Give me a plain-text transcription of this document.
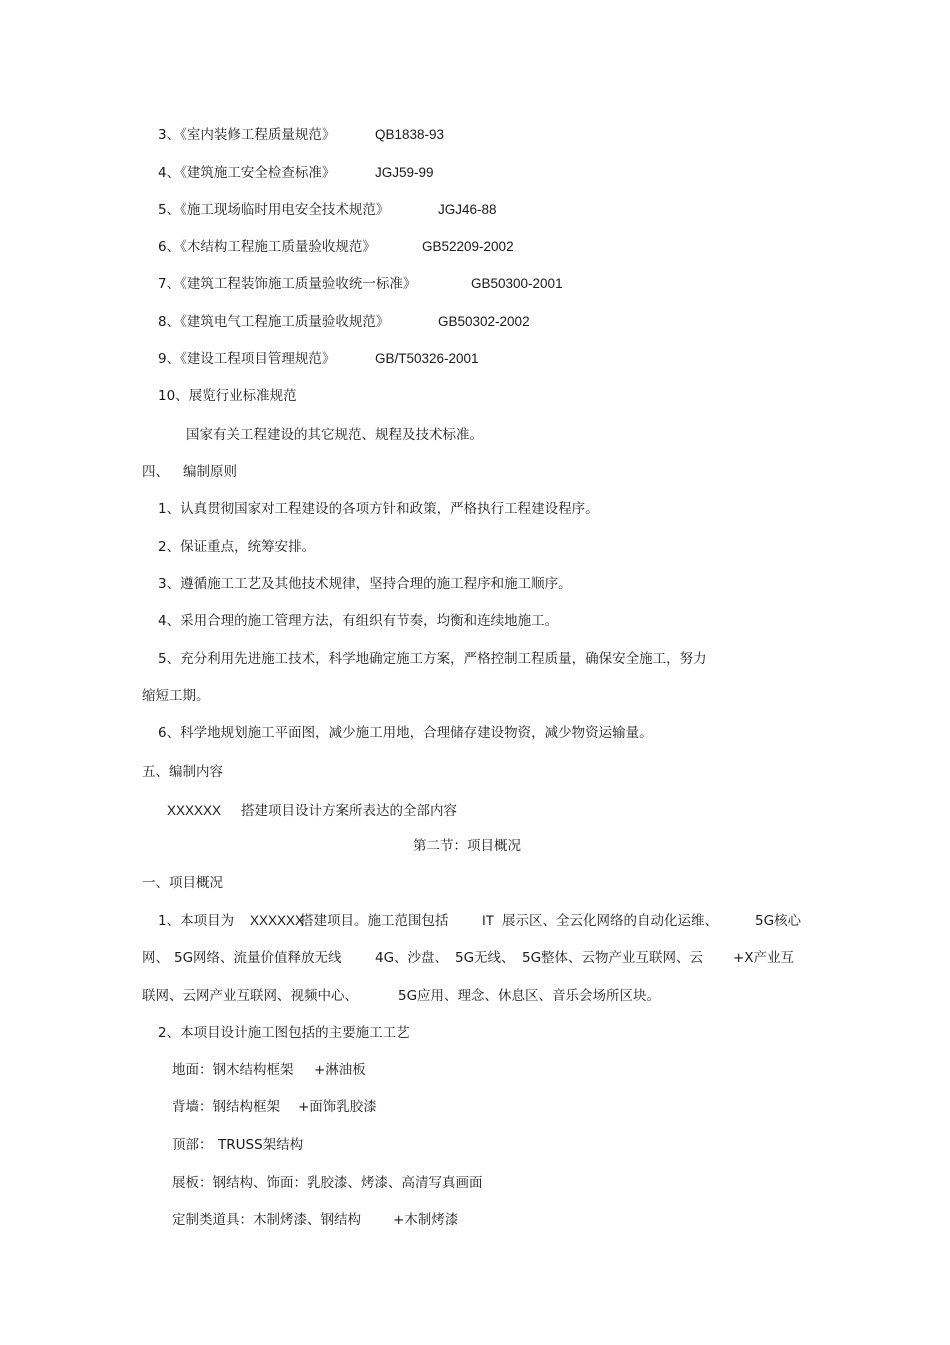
3、《室内装修工程质量规范》	QB1838-93
4、《建筑施工安全检查标准》	JGJ59-99
5、《施工现场临时用电安全技术规范》	JGJ46-88
6、《木结构工程施工质量验收规范》	GB52209-2002
7、《建筑工程装饰施工质量验收统一标准》	GB50300-2001
8、《建筑电气工程施工质量验收规范》	GB50302-2002
9、《建设工程项目管理规范》	GB/T50326-2001
10、展览行业标准规范
国家有关工程建设的其它规范、规程及技术标准。
四、 编制原则
1、认真贯彻国家对工程建设的各项方针和政策，严格执行工程建设程序。
2、保证重点，统筹安排。
3、遵循施工工艺及其他技术规律，坚持合理的施工程序和施工顺序。
4、采用合理的施工管理方法，有组织有节奏，均衡和连续地施工。
5、充分利用先进施工技术，科学地确定施工方案，严格控制工程质量，确保安全施工，努力
缩短工期。
6、科学地规划施工平面图，减少施工用地，合理储存建设物资，减少物资运输量。
五、编制内容
XXXXXX 搭建项目设计方案所表达的全部内容
第二节：项目概况
一、项目概况
1、本项目为 XXXXXX
搭建项目。施工范围包括 IT 展示区、全云化网络的自动化运维、	5G核心
网、 5G网络、流量价值释放无线 4G、沙盘、 5G无线、 5G整体、云物产业互联网、云 +X产业互
联网、云网产业互联网、视频中心、	5G应用、理念、休息区、音乐会场所区块。
2、本项目设计施工图包括的主要施工工艺
地面：钢木结构框架 +淋油板
背墙：钢结构框架 +面饰乳胶漆
顶部： TRUSS架结构
展板：钢结构、饰面：乳胶漆、烤漆、高清写真画面
定制类道具：木制烤漆、钢结构 +木制烤漆
